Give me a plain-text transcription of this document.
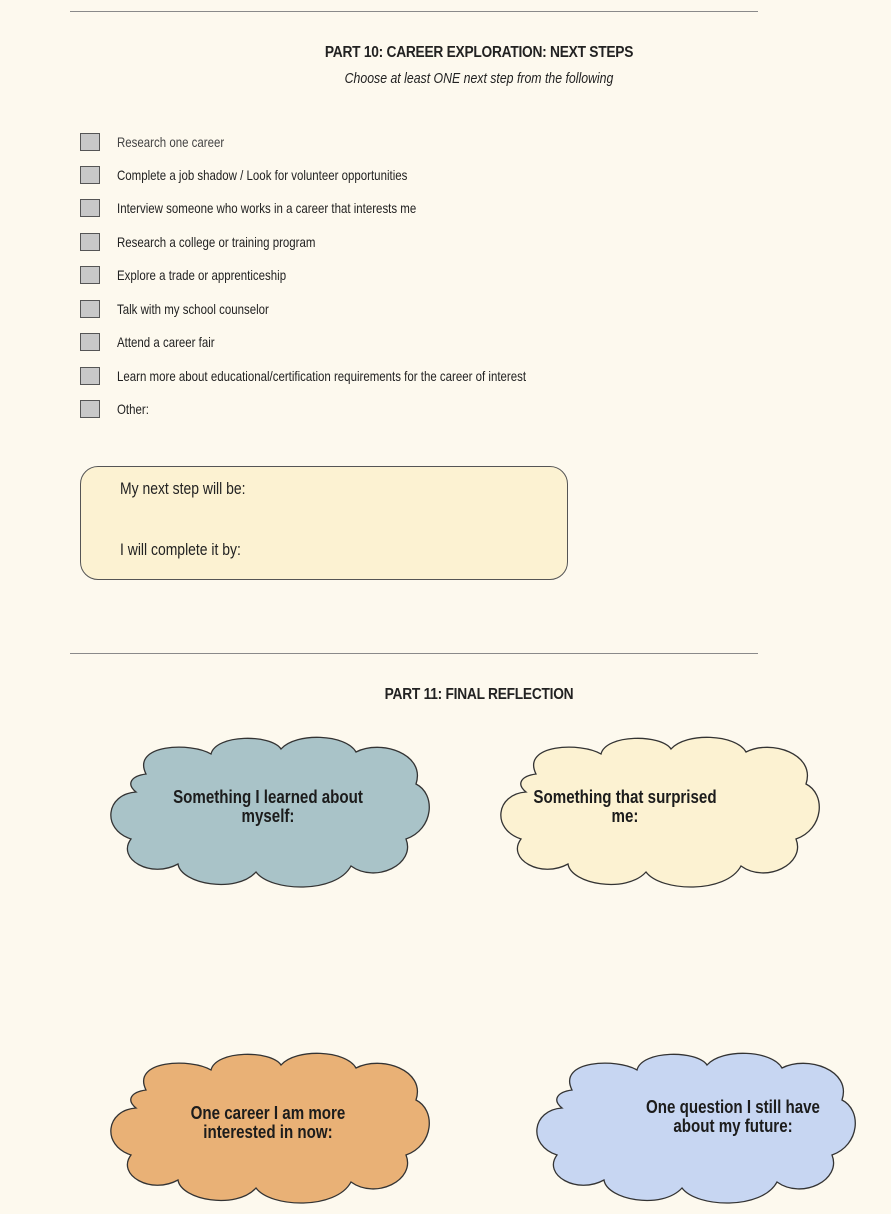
PART 10: CAREER EXPLORATION: NEXT STEPS
Choose at least ONE next step from the following
Research one career
Complete a job shadow / Look for volunteer opportunities
Interview someone who works in a career that interests me
Research a college or training program
Explore a trade or apprenticeship
Talk with my school counselor
Attend a career fair
Learn more about educational/certification requirements for the career of interest
Other:
My next step will be:
I will complete it by:
PART 11: FINAL REFLECTION
Something I learned about
myself:
Something that surprised
me:
One career I am more
interested in now:
One question I still have
about my future:
